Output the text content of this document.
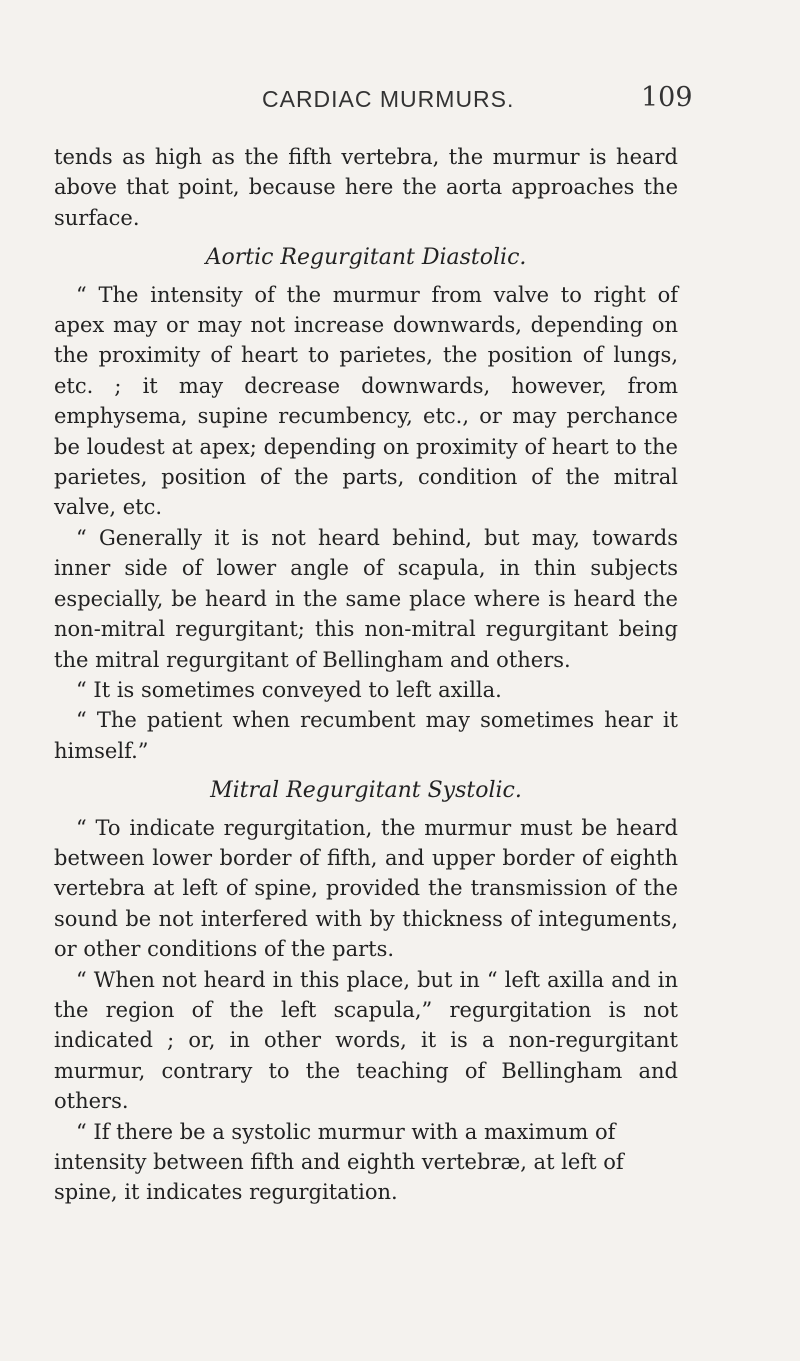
CARDIAC MURMURS.	109

tends as high as the fifth vertebra, the murmur is heard above that point, because here the aorta approaches the surface.

Aortic Regurgitant Diastolic.

“ The intensity of the murmur from valve to right of apex may or may not increase downwards, depending on the proximity of heart to parietes, the position of lungs, etc. ; it may decrease downwards, however, from emphysema, supine recumbency, etc., or may perchance be loudest at apex; depending on proximity of heart to the parietes, position of the parts, condition of the mitral valve, etc.

“ Generally it is not heard behind, but may, towards inner side of lower angle of scapula, in thin subjects especially, be heard in the same place where is heard the non-mitral regurgitant; this non-mitral regurgitant being the mitral regurgitant of Bellingham and others.

“ It is sometimes conveyed to left axilla.

“ The patient when recumbent may sometimes hear it himself.”

Mitral Regurgitant Systolic.

“ To indicate regurgitation, the murmur must be heard between lower border of fifth, and upper border of eighth vertebra at left of spine, provided the transmission of the sound be not interfered with by thickness of integuments, or other conditions of the parts.

“ When not heard in this place, but in “ left axilla and in the region of the left scapula,” regurgitation is not indicated ; or, in other words, it is a non-regurgitant murmur, contrary to the teaching of Bellingham and others.

“ If there be a systolic murmur with a maximum of intensity between fifth and eighth vertebræ, at left of spine, it indicates regurgitation.
